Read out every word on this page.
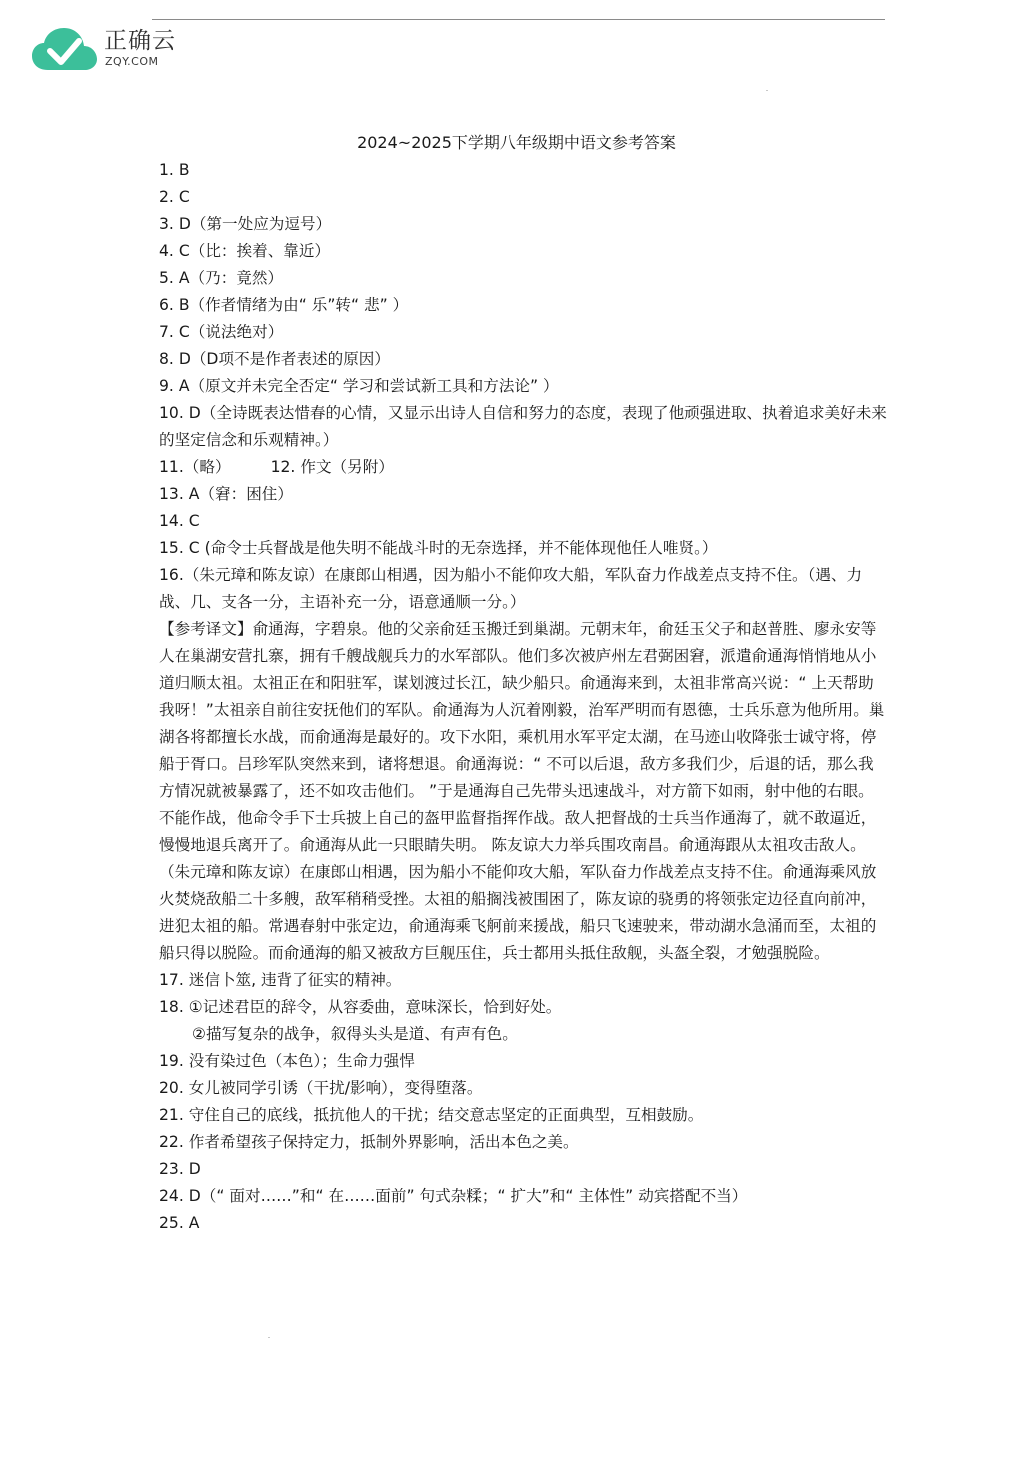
正确云
ZQY.COM
2024~2025下学期八年级期中语文参考答案

1. B

2. C

3. D（第一处应为逗号）

4. C（比：挨着、靠近）

5. A（乃：竟然）

6. B（作者情绪为由“ 乐”转“ 悲” ）

7. C（说法绝对）

8. D（D项不是作者表述的原因）

9. A（原文并未完全否定“ 学习和尝试新工具和方法论” ）

10. D（全诗既表达惜春的心情，又显示出诗人自信和努力的态度，表现了他顽强进取、执着追求美好未来的坚定信念和乐观精神。）

11.（略）	12. 作文（另附）

13. A（窘：困住）

14. C

15. C (命令士兵督战是他失明不能战斗时的无奈选择，并不能体现他任人唯贤。）

16.（朱元璋和陈友谅）在康郎山相遇，因为船小不能仰攻大船，军队奋力作战差点支持不住。（遇、力战、几、支各一分，主语补充一分，语意通顺一分。）

【参考译文】俞通海，字碧泉。他的父亲俞廷玉搬迁到巢湖。元朝末年，俞廷玉父子和赵普胜、廖永安等人在巢湖安营扎寨，拥有千艘战舰兵力的水军部队。他们多次被庐州左君弼困窘，派遣俞通海悄悄地从小道归顺太祖。太祖正在和阳驻军，谋划渡过长江，缺少船只。俞通海来到，太祖非常高兴说：“ 上天帮助我呀！”太祖亲自前往安抚他们的军队。俞通海为人沉着刚毅，治军严明而有恩德，士兵乐意为他所用。巢湖各将都擅长水战，而俞通海是最好的。攻下水阳，乘机用水军平定太湖，在马迹山收降张士诚守将，停船于胥口。吕珍军队突然来到，诸将想退。俞通海说：“ 不可以后退，敌方多我们少，后退的话，那么我方情况就被暴露了，还不如攻击他们。 ”于是通海自己先带头迅速战斗，对方箭下如雨，射中他的右眼。不能作战，他命令手下士兵披上自己的盔甲监督指挥作战。敌人把督战的士兵当作通海了，就不敢逼近，慢慢地退兵离开了。俞通海从此一只眼睛失明。 陈友谅大力举兵围攻南昌。俞通海跟从太祖攻击敌人。（朱元璋和陈友谅）在康郎山相遇，因为船小不能仰攻大船，军队奋力作战差点支持不住。俞通海乘风放火焚烧敌船二十多艘，敌军稍稍受挫。太祖的船搁浅被围困了，陈友谅的骁勇的将领张定边径直向前冲，进犯太祖的船。常遇春射中张定边，俞通海乘飞舸前来援战，船只飞速驶来，带动湖水急涌而至，太祖的船只得以脱险。而俞通海的船又被敌方巨舰压住，兵士都用头抵住敌舰，头盔全裂，才勉强脱险。

17. 迷信卜筮, 违背了征实的精神。

18. ①记述君臣的辞令，从容委曲，意味深长，恰到好处。

②描写复杂的战争，叙得头头是道、有声有色。

19. 没有染过色（本色）；生命力强悍

20. 女儿被同学引诱（干扰/影响），变得堕落。

21. 守住自己的底线，抵抗他人的干扰；结交意志坚定的正面典型，互相鼓励。

22. 作者希望孩子保持定力，抵制外界影响，活出本色之美。

23. D

24. D（“ 面对……”和“ 在……面前” 句式杂糅；“ 扩大”和“ 主体性” 动宾搭配不当）

25. A
